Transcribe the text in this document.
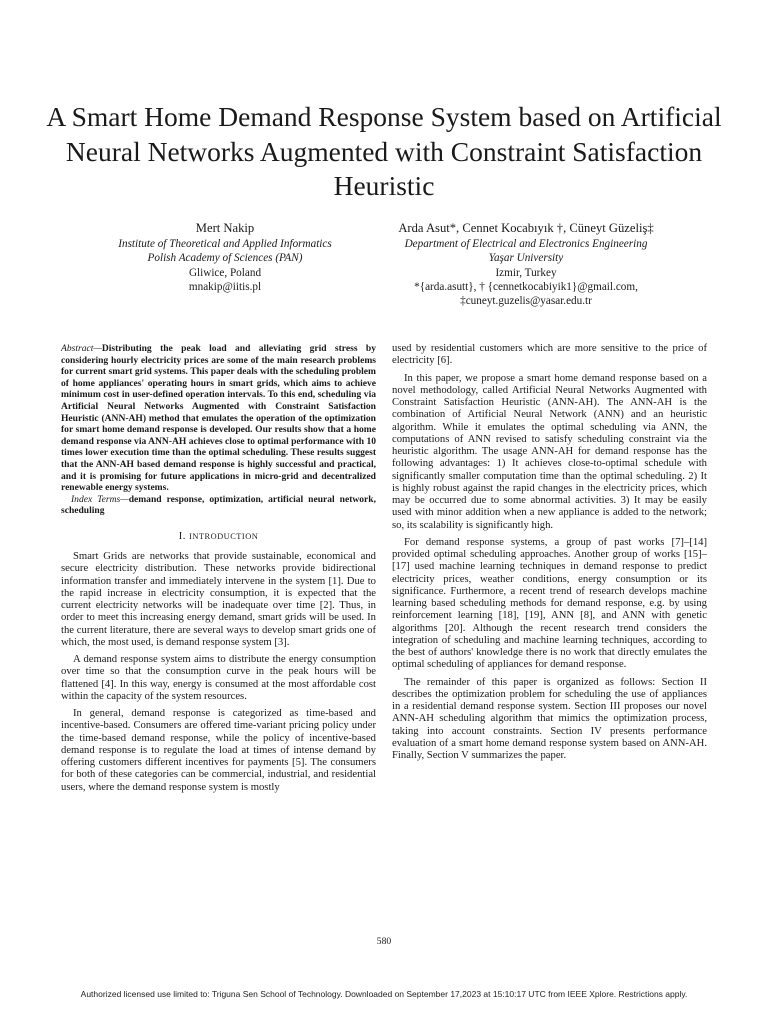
A Smart Home Demand Response System based on Artificial Neural Networks Augmented with Constraint Satisfaction Heuristic
Mert Nakip
Institute of Theoretical and Applied Informatics
Polish Academy of Sciences (PAN)
Gliwice, Poland
mnakip@iitis.pl
Arda Asut*, Cennet Kocabıyık †, Cüneyt Güzeliş‡
Department of Electrical and Electronics Engineering
Yaşar University
Izmir, Turkey
*{arda.asutt}, † {cennetkocabiyik1}@gmail.com,
‡cuneyt.guzelis@yasar.edu.tr

Abstract—Distributing the peak load and alleviating grid stress by considering hourly electricity prices are some of the main research problems for current smart grid systems. This paper deals with the scheduling problem of home appliances' operating hours in smart grids, which aims to achieve minimum cost in user-defined operation intervals. To this end, scheduling via Artificial Neural Networks Augmented with Constraint Satisfaction Heuristic (ANN-AH) method that emulates the operation of the optimization for smart home demand response is developed. Our results show that a home demand response via ANN-AH achieves close to optimal performance with 10 times lower execution time than the optimal scheduling. These results suggest that the ANN-AH based demand response is highly successful and practical, and it is promising for future applications in micro-grid and decentralized renewable energy systems.

Index Terms—demand response, optimization, artificial neural network, scheduling

I. INTRODUCTION

Smart Grids are networks that provide sustainable, economical and secure electricity distribution. These networks provide bidirectional information transfer and immediately intervene in the system [1]. Due to the rapid increase in electricity consumption, it is expected that the current electricity networks will be inadequate over time [2]. Thus, in order to meet this increasing energy demand, smart grids will be used. In the current literature, there are several ways to develop smart grids one of which, the most used, is demand response system [3].

A demand response system aims to distribute the energy consumption over time so that the consumption curve in the peak hours will be flattened [4]. In this way, energy is consumed at the most affordable cost within the capacity of the system resources.

In general, demand response is categorized as time-based and incentive-based. Consumers are offered time-variant pricing policy under the time-based demand response, while the policy of incentive-based demand response is to regulate the load at times of intense demand by offering customers different incentives for payments [5]. The consumers for both of these categories can be commercial, industrial, and residential users, where the demand response system is mostly

used by residential customers which are more sensitive to the price of electricity [6].

In this paper, we propose a smart home demand response based on a novel methodology, called Artificial Neural Networks Augmented with Constraint Satisfaction Heuristic (ANN-AH). The ANN-AH is the combination of Artificial Neural Network (ANN) and an heuristic algorithm. While it emulates the optimal scheduling via ANN, the computations of ANN revised to satisfy scheduling constraint via the heuristic algorithm. The usage ANN-AH for demand response has the following advantages: 1) It achieves close-to-optimal schedule with significantly smaller computation time than the optimal scheduling. 2) It is highly robust against the rapid changes in the electricity prices, which may be occurred due to some abnormal activities. 3) It may be easily used with minor addition when a new appliance is added to the network; so, its scalability is significantly high.

For demand response systems, a group of past works [7]–[14] provided optimal scheduling approaches. Another group of works [15]–[17] used machine learning techniques in demand response to predict electricity prices, weather conditions, energy consumption or its significance. Furthermore, a recent trend of research develops machine learning based scheduling methods for demand response, e.g. by using reinforcement learning [18], [19], ANN [8], and ANN with genetic algorithms [20]. Although the recent research trend considers the integration of scheduling and machine learning techniques, according to the best of authors' knowledge there is no work that directly emulates the optimal scheduling of appliances for demand response.

The remainder of this paper is organized as follows: Section II describes the optimization problem for scheduling the use of appliances in a residential demand response system. Section III proposes our novel ANN-AH scheduling algorithm that mimics the optimization process, taking into account constraints. Section IV presents performance evaluation of a smart home demand response system based on ANN-AH. Finally, Section V summarizes the paper.

580
Authorized licensed use limited to: Triguna Sen School of Technology. Downloaded on September 17,2023 at 15:10:17 UTC from IEEE Xplore. Restrictions apply.
